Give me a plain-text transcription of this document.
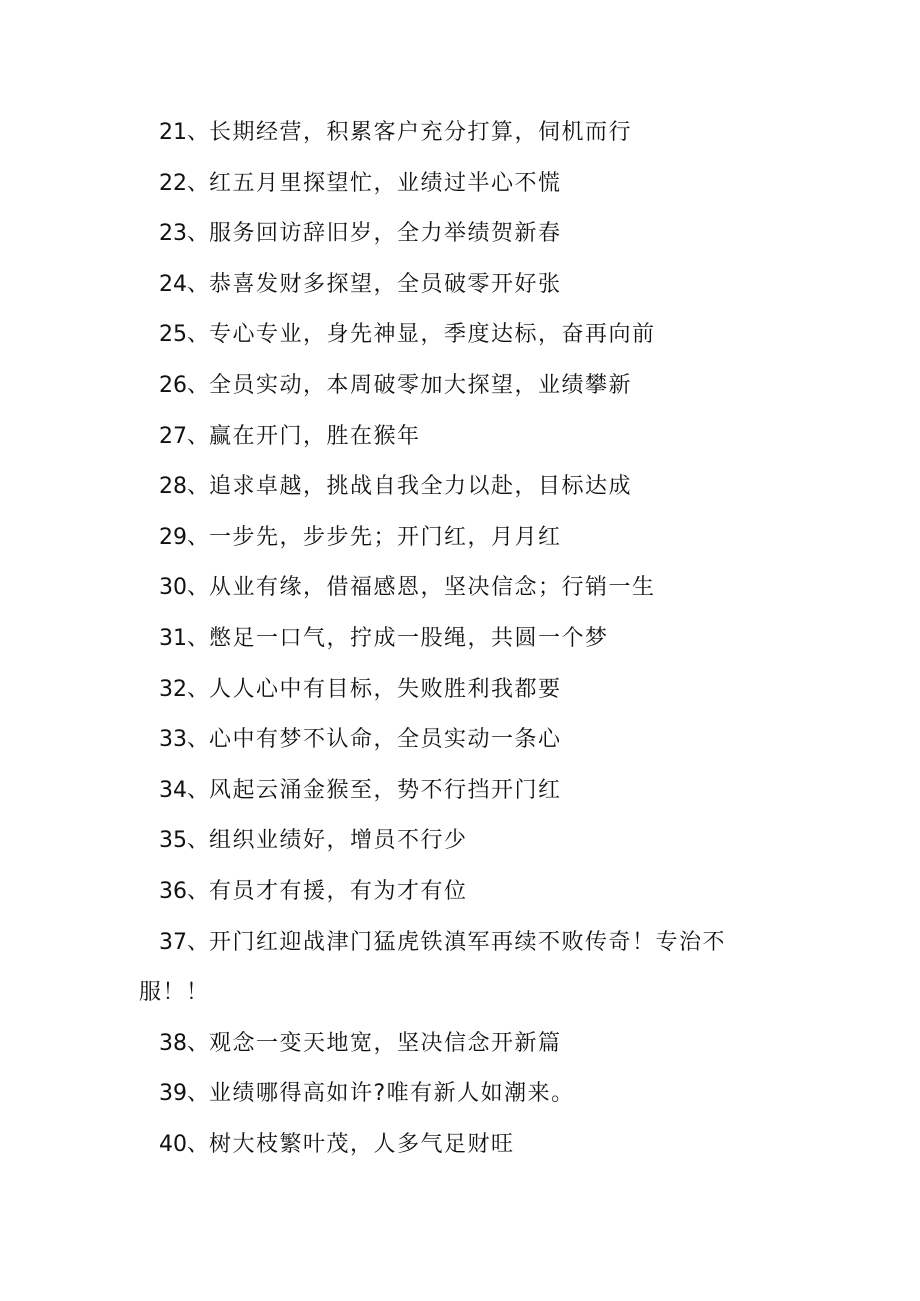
21、长期经营，积累客户充分打算，伺机而行
22、红五月里探望忙，业绩过半心不慌
23、服务回访辞旧岁，全力举绩贺新春
24、恭喜发财多探望，全员破零开好张
25、专心专业，身先神显，季度达标，奋再向前
26、全员实动，本周破零加大探望，业绩攀新
27、赢在开门，胜在猴年
28、追求卓越，挑战自我全力以赴，目标达成
29、一步先，步步先；开门红，月月红
30、从业有缘，借福感恩，坚决信念；行销一生
31、憋足一口气，拧成一股绳，共圆一个梦
32、人人心中有目标，失败胜利我都要
33、心中有梦不认命，全员实动一条心
34、风起云涌金猴至，势不行挡开门红
35、组织业绩好，增员不行少
36、有员才有援，有为才有位
37、开门红迎战津门猛虎铁滇军再续不败传奇！专治不
服！！
38、观念一变天地宽，坚决信念开新篇
39、业绩哪得高如许?唯有新人如潮来。
40、树大枝繁叶茂，人多气足财旺
